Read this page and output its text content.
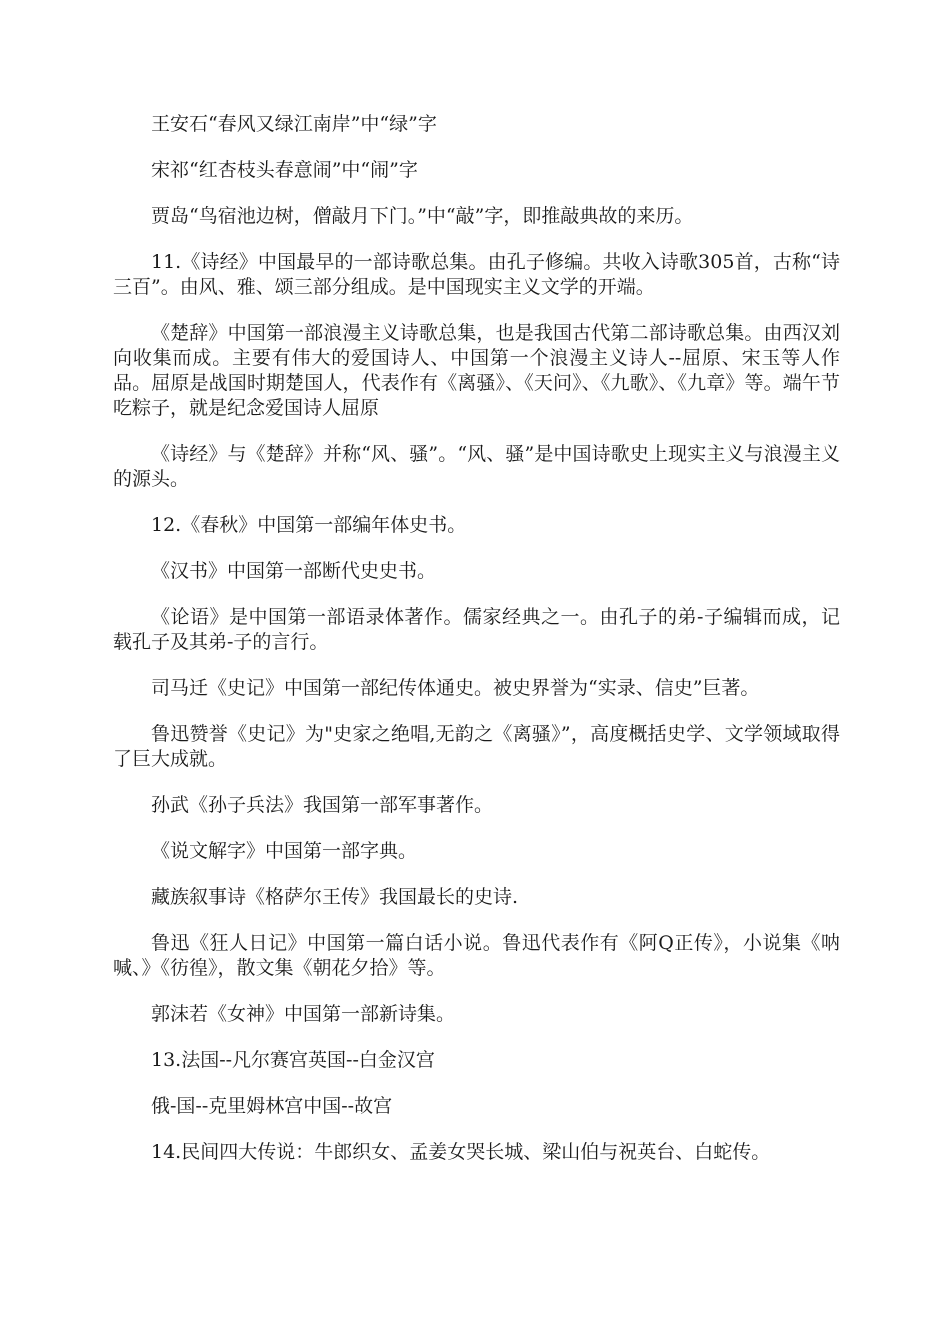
王安石“春风又绿江南岸”中“绿”字

宋祁“红杏枝头春意闹”中“闹”字

贾岛“鸟宿池边树，僧敲月下门。”中“敲”字，即推敲典故的来历。

11.《诗经》中国最早的一部诗歌总集。由孔子修编。共收入诗歌305首，古称“诗三百”。由风、雅、颂三部分组成。是中国现实主义文学的开端。

《楚辞》中国第一部浪漫主义诗歌总集，也是我国古代第二部诗歌总集。由西汉刘向收集而成。主要有伟大的爱国诗人、中国第一个浪漫主义诗人--屈原、宋玉等人作品。屈原是战国时期楚国人，代表作有《离骚》、《天问》、《九歌》、《九章》等。端午节吃粽子，就是纪念爱国诗人屈原

《诗经》与《楚辞》并称“风、骚”。“风、骚”是中国诗歌史上现实主义与浪漫主义的源头。

12.《春秋》中国第一部编年体史书。

《汉书》中国第一部断代史史书。

《论语》是中国第一部语录体著作。儒家经典之一。由孔子的弟-子编辑而成，记载孔子及其弟-子的言行。

司马迁《史记》中国第一部纪传体通史。被史界誉为“实录、信史”巨著。

鲁迅赞誉《史记》为"史家之绝唱,无韵之《离骚》”，高度概括史学、文学领域取得了巨大成就。

孙武《孙子兵法》我国第一部军事著作。

《说文解字》中国第一部字典。

藏族叙事诗《格萨尔王传》我国最长的史诗.

鲁迅《狂人日记》中国第一篇白话小说。鲁迅代表作有《阿Q正传》，小说集《呐喊、》《彷徨》，散文集《朝花夕拾》等。

郭沫若《女神》中国第一部新诗集。

13.法国--凡尔赛宫英国--白金汉宫

俄-国--克里姆林宫中国--故宫

14.民间四大传说：牛郎织女、孟姜女哭长城、梁山伯与祝英台、白蛇传。
